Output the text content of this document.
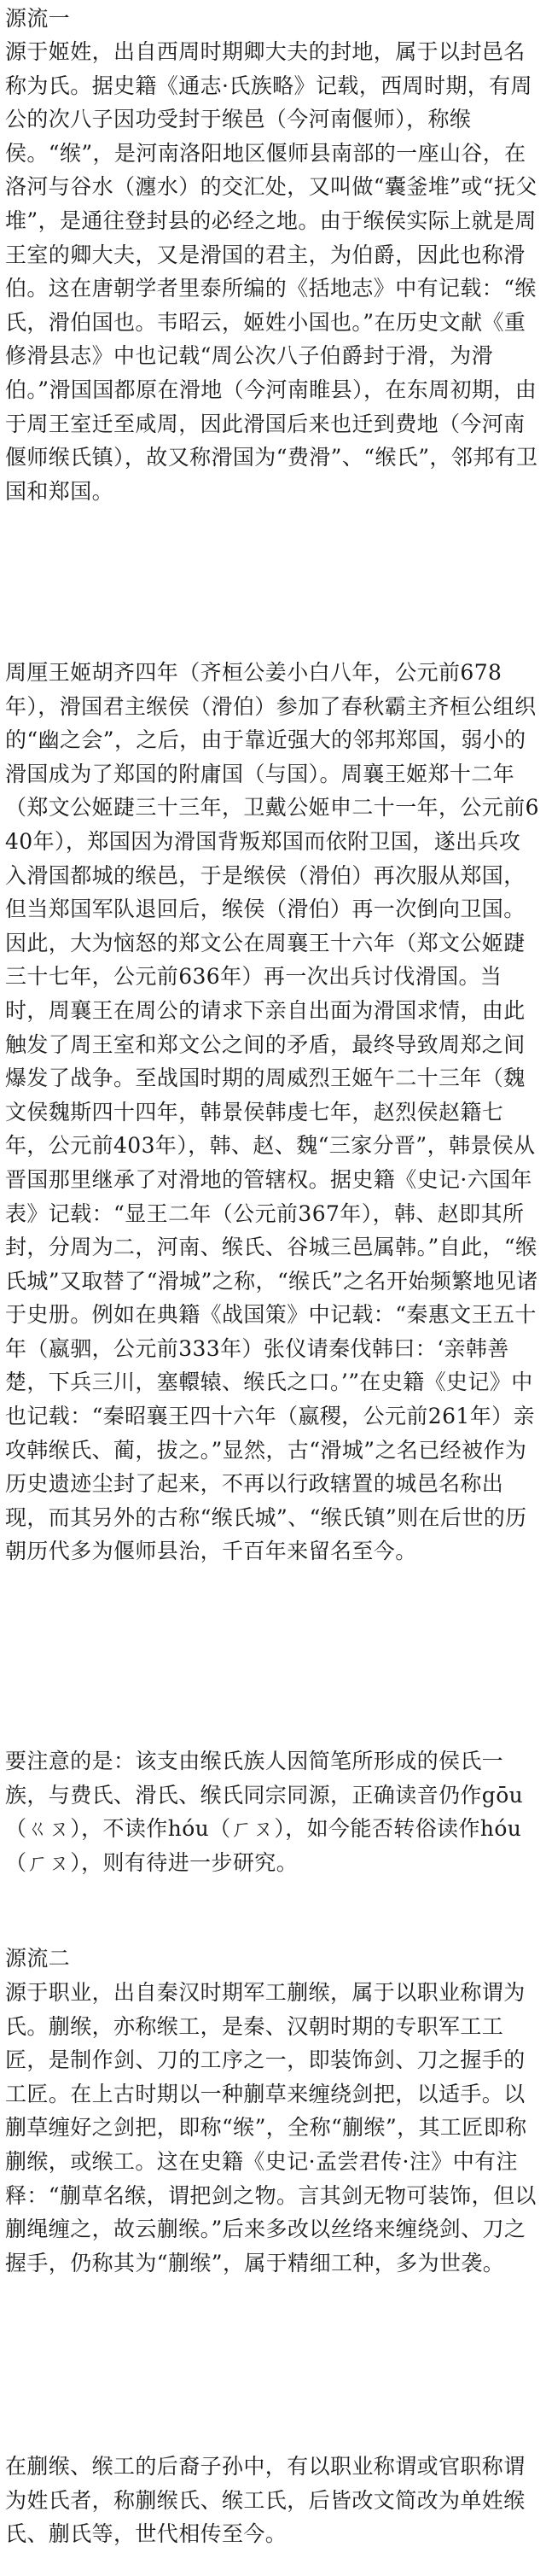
源流一
源于姬姓，出自西周时期卿大夫的封地，属于以封邑名称为氏。据史籍《通志·氏族略》记载，西周时期，有周公的次八子因功受封于缑邑（今河南偃师），称缑侯。“缑”，是河南洛阳地区偃师县南部的一座山谷，在洛河与谷水（瀍水）的交汇处，又叫做“囊釜堆”或“抚父堆”，是通往登封县的必经之地。由于缑侯实际上就是周王室的卿大夫，又是滑国的君主，为伯爵，因此也称滑伯。这在唐朝学者里泰所编的《括地志》中有记载：“缑氏，滑伯国也。韦昭云，姬姓小国也。”在历史文献《重修滑县志》中也记载“周公次八子伯爵封于滑，为滑伯。”滑国国都原在滑地（今河南睢县），在东周初期，由于周王室迁至咸周，因此滑国后来也迁到费地（今河南偃师缑氏镇），故又称滑国为“费滑”、“缑氏”，邻邦有卫国和郑国。
周厘王姬胡齐四年（齐桓公姜小白八年，公元前678年），滑国君主缑侯（滑伯）参加了春秋霸主齐桓公组织的“幽之会”，之后，由于靠近强大的邻邦郑国，弱小的滑国成为了郑国的附庸国（与国）。周襄王姬郑十二年（郑文公姬踕三十三年，卫戴公姬申二十一年，公元前640年），郑国因为滑国背叛郑国而依附卫国，遂出兵攻入滑国都城的缑邑，于是缑侯（滑伯）再次服从郑国，但当郑国军队退回后，缑侯（滑伯）再一次倒向卫国。因此，大为恼怒的郑文公在周襄王十六年（郑文公姬踕三十七年，公元前636年）再一次出兵讨伐滑国。当时，周襄王在周公的请求下亲自出面为滑国求情，由此触发了周王室和郑文公之间的矛盾，最终导致周郑之间爆发了战争。至战国时期的周威烈王姬午二十三年（魏文侯魏斯四十四年，韩景侯韩虔七年，赵烈侯赵籍七年，公元前403年），韩、赵、魏“三家分晋”，韩景侯从晋国那里继承了对滑地的管辖权。据史籍《史记·六国年表》记载：“显王二年（公元前367年），韩、赵即其所封，分周为二，河南、缑氏、谷城三邑属韩。”自此，“缑氏城”又取替了“滑城”之称，“缑氏”之名开始频繁地见诸于史册。例如在典籍《战国策》中记载：“秦惠文王五十年（嬴驷，公元前333年）张仪请秦伐韩曰：‘亲韩善楚，下兵三川，塞轘辕、缑氏之口。’”在史籍《史记》中也记载：“秦昭襄王四十六年（嬴稷，公元前261年）亲攻韩缑氏、蔺，拔之。”显然，古“滑城”之名已经被作为历史遗迹尘封了起来，不再以行政辖置的城邑名称出现，而其另外的古称“缑氏城”、“缑氏镇”则在后世的历朝历代多为偃师县治，千百年来留名至今。
要注意的是：该支由缑氏族人因简笔所形成的侯氏一族，与费氏、滑氏、缑氏同宗同源，正确读音仍作gōu（ㄍㄡ），不读作hóu（ㄏㄡ），如今能否转俗读作hóu（ㄏㄡ），则有待进一步研究。
源流二
源于职业，出自秦汉时期军工蒯缑，属于以职业称谓为氏。蒯缑，亦称缑工，是秦、汉朝时期的专职军工工匠，是制作剑、刀的工序之一，即装饰剑、刀之握手的工匠。在上古时期以一种蒯草来缠绕剑把，以适手。以蒯草缠好之剑把，即称“缑”，全称“蒯缑”，其工匠即称蒯缑，或缑工。这在史籍《史记·孟尝君传·注》中有注释：“蒯草名缑，谓把剑之物。言其剑无物可装饰，但以蒯绳缠之，故云蒯缑。”后来多改以丝络来缠绕剑、刀之握手，仍称其为“蒯缑”，属于精细工种，多为世袭。
在蒯缑、缑工的后裔子孙中，有以职业称谓或官职称谓为姓氏者，称蒯缑氏、缑工氏，后皆改文简改为单姓缑氏、蒯氏等，世代相传至今。
